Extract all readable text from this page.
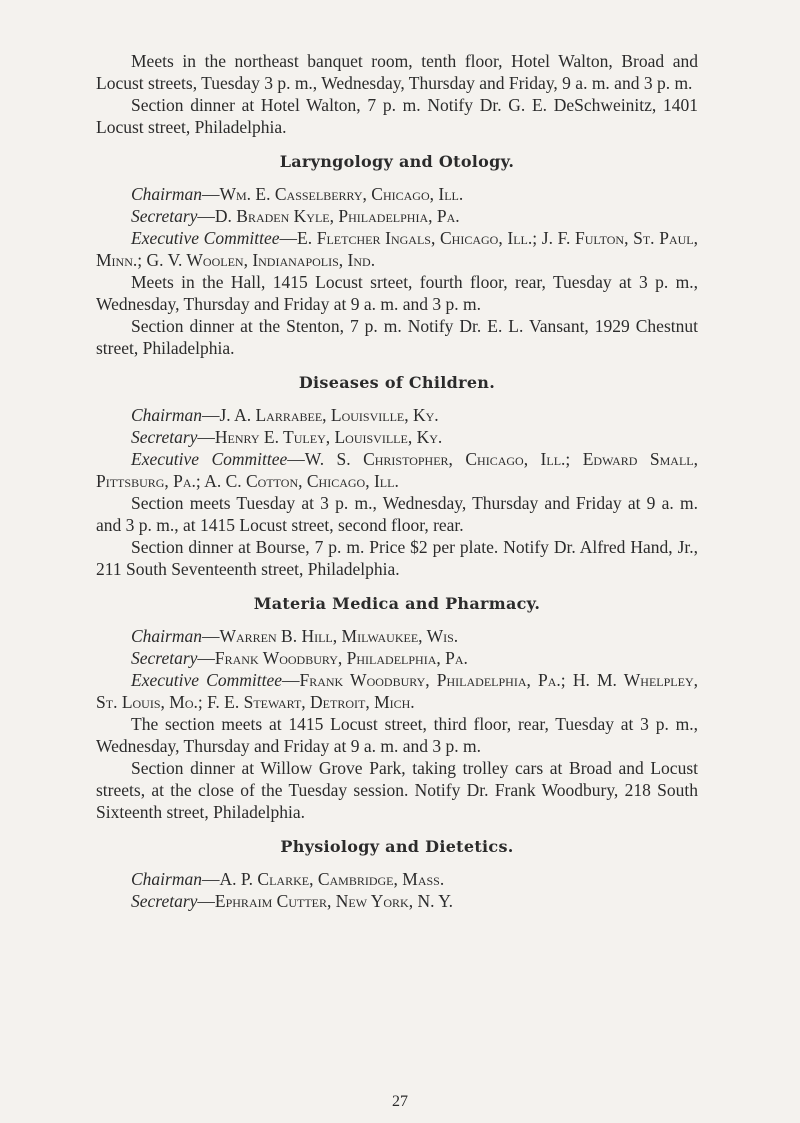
Meets in the northeast banquet room, tenth floor, Hotel Walton, Broad and Locust streets, Tuesday 3 p. m., Wednesday, Thursday and Friday, 9 a. m. and 3 p. m.

Section dinner at Hotel Walton, 7 p. m. Notify Dr. G. E. DeSchweinitz, 1401 Locust street, Philadelphia.

Laryngology and Otology.

Chairman—Wm. E. Casselberry, Chicago, Ill.

Secretary—D. Braden Kyle, Philadelphia, Pa.

Executive Committee—E. Fletcher Ingals, Chicago, Ill.; J. F. Fulton, St. Paul, Minn.; G. V. Woolen, Indianapolis, Ind.

Meets in the Hall, 1415 Locust srteet, fourth floor, rear, Tuesday at 3 p. m., Wednesday, Thursday and Friday at 9 a. m. and 3 p. m.

Section dinner at the Stenton, 7 p. m. Notify Dr. E. L. Vansant, 1929 Chestnut street, Philadelphia.

Diseases of Children.

Chairman—J. A. Larrabee, Louisville, Ky.

Secretary—Henry E. Tuley, Louisville, Ky.

Executive Committee—W. S. Christopher, Chicago, Ill.; Edward Small, Pittsburg, Pa.; A. C. Cotton, Chicago, Ill.

Section meets Tuesday at 3 p. m., Wednesday, Thursday and Friday at 9 a. m. and 3 p. m., at 1415 Locust street, second floor, rear.

Section dinner at Bourse, 7 p. m. Price $2 per plate. Notify Dr. Alfred Hand, Jr., 211 South Seventeenth street, Philadelphia.

Materia Medica and Pharmacy.

Chairman—Warren B. Hill, Milwaukee, Wis.

Secretary—Frank Woodbury, Philadelphia, Pa.

Executive Committee—Frank Woodbury, Philadelphia, Pa.; H. M. Whelpley, St. Louis, Mo.; F. E. Stewart, Detroit, Mich.

The section meets at 1415 Locust street, third floor, rear, Tuesday at 3 p. m., Wednesday, Thursday and Friday at 9 a. m. and 3 p. m.

Section dinner at Willow Grove Park, taking trolley cars at Broad and Locust streets, at the close of the Tuesday session. Notify Dr. Frank Woodbury, 218 South Sixteenth street, Philadelphia.

Physiology and Dietetics.

Chairman—A. P. Clarke, Cambridge, Mass.

Secretary—Ephraim Cutter, New York, N. Y.

27
